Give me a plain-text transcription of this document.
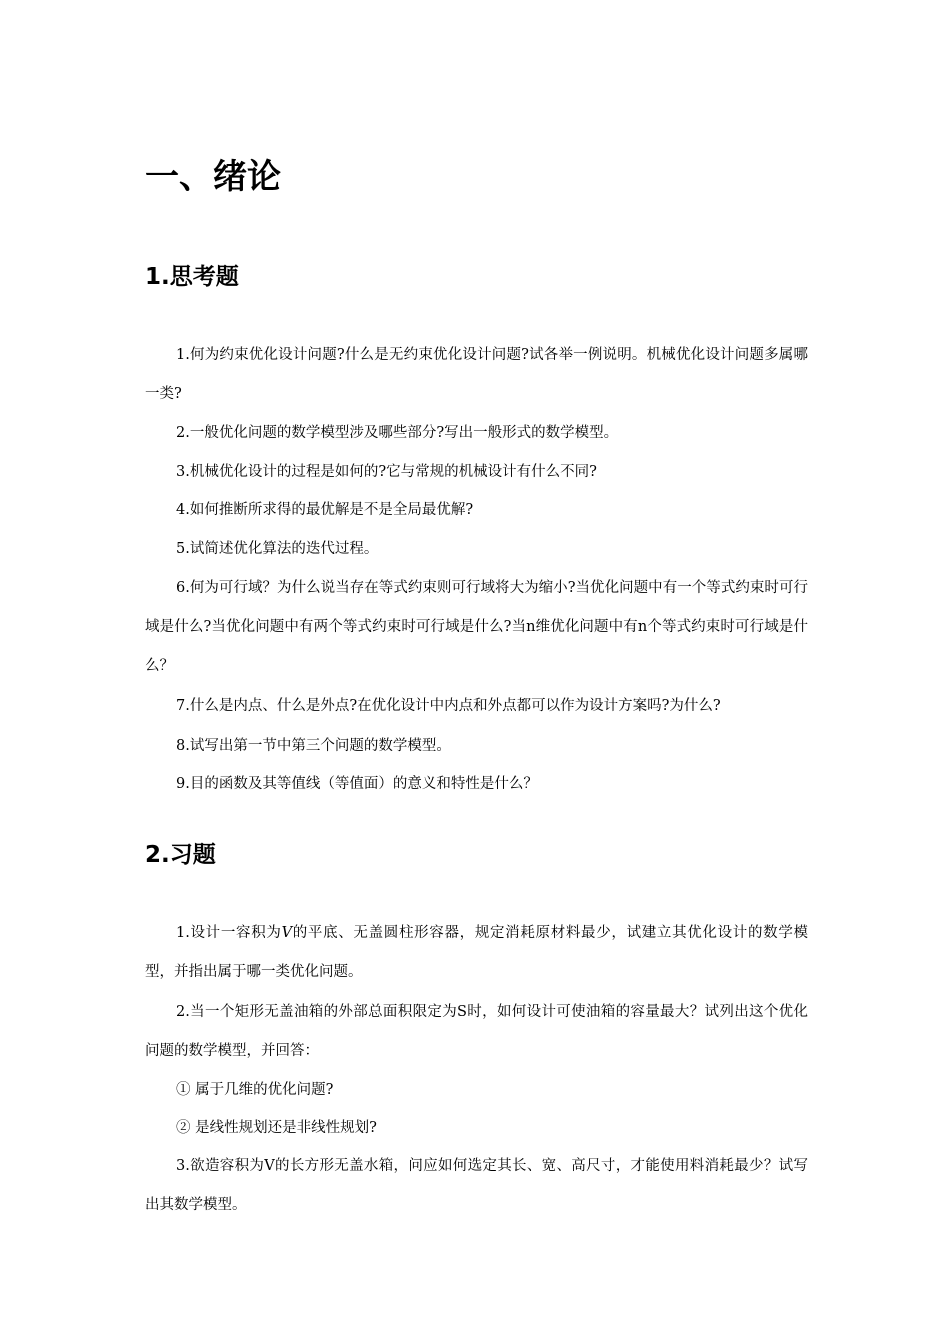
一、绪论
1.思考题

1.何为约束优化设计问题?什么是无约束优化设计问题?试各举一例说明。机械优化设计问题多属哪一类?

2.一般优化问题的数学模型涉及哪些部分?写出一般形式的数学模型。

3.机械优化设计的过程是如何的?它与常规的机械设计有什么不同?

4.如何推断所求得的最优解是不是全局最优解?

5.试简述优化算法的迭代过程。

6.何为可行域？为什么说当存在等式约束则可行域将大为缩小?当优化问题中有一个等式约束时可行域是什么?当优化问题中有两个等式约束时可行域是什么?当n维优化问题中有n个等式约束时可行域是什么？

7.什么是内点、什么是外点?在优化设计中内点和外点都可以作为设计方案吗?为什么?

8.试写出第一节中第三个问题的数学模型。

9.目的函数及其等值线（等值面）的意义和特性是什么？

2.习题

1.设计一容积为V的平底、无盖圆柱形容器，规定消耗原材料最少，试建立其优化设计的数学模型，并指出属于哪一类优化问题。

2.当一个矩形无盖油箱的外部总面积限定为S时，如何设计可使油箱的容量最大？试列出这个优化问题的数学模型，并回答：

① 属于几维的优化问题?

② 是线性规划还是非线性规划?

3.欲造容积为V的长方形无盖水箱，问应如何选定其长、宽、高尺寸，才能使用料消耗最少？试写出其数学模型。
